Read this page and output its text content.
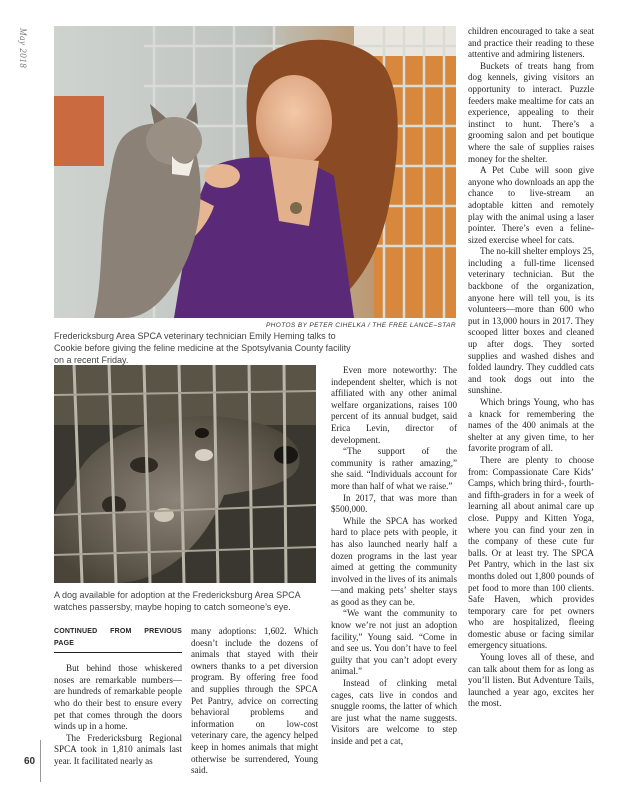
May 2018
60
PHOTOS BY PETER CIHELKA / THE FREE LANCE–STAR
Fredericksburg Area SPCA veterinary technician Emily Heming talks to Cookie before giving the feline medicine at the Spotsylvania County facility on a recent Friday.
A dog available for adoption at the Fredericksburg Area SPCA watches passersby, maybe hoping to catch someone’s eye.

CONTINUED FROM PREVIOUS PAGE

But behind those whiskered noses are remarkable numbers—are hundreds of remarkable people who do their best to ensure every pet that comes through the doors winds up in a home.

The Fredericksburg Regional SPCA took in 1,810 animals last year. It facilitated nearly as

many adoptions: 1,602. Which doesn’t include the dozens of animals that stayed with their owners thanks to a pet diversion program. By offering free food and supplies through the SPCA Pet Pantry, advice on correcting behavioral problems and information on low-cost veterinary care, the agency helped keep in homes animals that might otherwise be surrendered, Young said.

Even more noteworthy: The independent shelter, which is not affiliated with any other animal welfare organizations, raises 100 percent of its annual budget, said Erica Levin, director of development.

“The support of the community is rather amazing,” she said. “Individuals account for more than half of what we raise.”

In 2017, that was more than $500,000.

While the SPCA has worked hard to place pets with people, it has also launched nearly half a dozen programs in the last year aimed at getting the community involved in the lives of its animals—and making pets’ shelter stays as good as they can be.

“We want the community to know we’re not just an adoption facility,” Young said. “Come in and see us. You don’t have to feel guilty that you can’t adopt every animal.”

Instead of clinking metal cages, cats live in condos and snuggle rooms, the latter of which are just what the name suggests. Visitors are welcome to step inside and pet a cat,

children encouraged to take a seat and practice their reading to these attentive and admiring listeners.

Buckets of treats hang from dog kennels, giving visitors an opportunity to interact. Puzzle feeders make mealtime for cats an experience, appealing to their instinct to hunt. There’s a grooming salon and pet boutique where the sale of supplies raises money for the shelter.

A Pet Cube will soon give anyone who downloads an app the chance to live-stream an adoptable kitten and remotely play with the animal using a laser pointer. There’s even a feline-sized exercise wheel for cats.

The no-kill shelter employs 25, including a full-time licensed veterinary technician. But the backbone of the organization, anyone here will tell you, is its volunteers—more than 600 who put in 13,000 hours in 2017. They scooped litter boxes and cleaned up after dogs. They sorted supplies and washed dishes and folded laundry. They cuddled cats and took dogs out into the sunshine.

Which brings Young, who has a knack for remembering the names of the 400 animals at the shelter at any given time, to her favorite program of all.

There are plenty to choose from: Compassionate Care Kids’ Camps, which bring third-, fourth- and fifth-graders in for a week of learning all about animal care up close. Puppy and Kitten Yoga, where you can find your zen in the company of these cute fur balls. Or at least try. The SPCA Pet Pantry, which in the last six months doled out 1,800 pounds of pet food to more than 100 clients. Safe Haven, which provides temporary care for pet owners who are hospitalized, fleeing domestic abuse or facing similar emergency situations.

Young loves all of these, and can talk about them for as long as you’ll listen. But Adventure Tails, launched a year ago, excites her the most.
